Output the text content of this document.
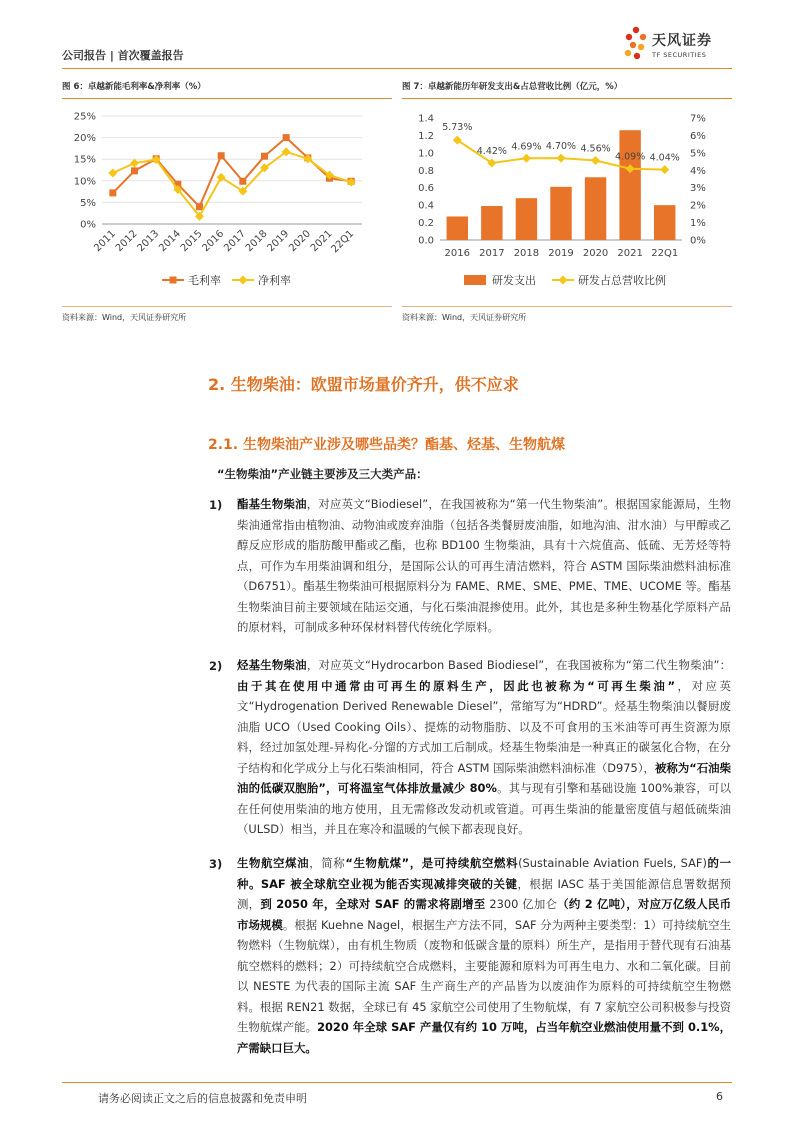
公司报告 | 首次覆盖报告
天风证券
TF SECURITIES
图 6：卓越新能毛利率&净利率（%）
0%
5%
10%
15%
20%
25%
2011
2012
2013
2014
2015
2016
2017
2018
2019
2020
2021
22Q1
毛利率	净利率
资料来源：Wind，天风证券研究所
图 7：卓越新能历年研发支出&占总营收比例（亿元，%）
0.0
0.2
0.4
0.6
0.8
1.0
1.2
1.4
0%
1%
2%
3%
4%
5%
6%
7%
2016 2017 2018 2019 2020 2021 22Q1
5.73%
4.42% 4.69% 4.70% 4.56%
4.09% 4.04%
研发支出	研发占总营收比例
资料来源：Wind，天风证券研究所
2. 生物柴油：欧盟市场量价齐升，供不应求
2.1. 生物柴油产业涉及哪些品类？酯基、烃基、生物航煤
“生物柴油”产业链主要涉及三大类产品：
1) 酯基生物柴油，对应英文“Biodiesel”，在我国被称为“第一代生物柴油”。根据国家能源局，生物柴油通常指由植物油、动物油或废弃油脂（包括各类餐厨废油脂，如地沟油、泔水油）与甲醇或乙醇反应形成的脂肪酸甲酯或乙酯，也称 BD100 生物柴油，具有十六烷值高、低硫、无芳烃等特点，可作为车用柴油调和组分，是国际公认的可再生清洁燃料，符合 ASTM 国际柴油燃料油标准（D6751）。酯基生物柴油可根据原料分为 FAME、RME、SME、PME、TME、UCOME 等。酯基生物柴油目前主要领域在陆运交通，与化石柴油混掺使用。此外，其也是多种生物基化学原料产品的原材料，可制成多种环保材料替代传统化学原料。
2) 烃基生物柴油，对应英文“Hydrocarbon Based Biodiesel”，在我国被称为“第二代生物柴油”：由于其在使用中通常由可再生的原料生产，因此也被称为“可再生柴油”，对应英文“Hydrogenation Derived Renewable Diesel”，常缩写为“HDRD”。烃基生物柴油以餐厨废油脂 UCO（Used Cooking Oils）、提炼的动物脂肪、以及不可食用的玉米油等可再生资源为原料，经过加氢处理-异构化-分馏的方式加工后制成。烃基生物柴油是一种真正的碳氢化合物，在分子结构和化学成分上与化石柴油相同，符合 ASTM 国际柴油燃料油标准（D975），被称为“石油柴油的低碳双胞胎”，可将温室气体排放量减少 80%。其与现有引擎和基础设施 100%兼容，可以在任何使用柴油的地方使用，且无需修改发动机或管道。可再生柴油的能量密度值与超低硫柴油（ULSD）相当，并且在寒冷和温暖的气候下都表现良好。
3) 生物航空煤油，简称“生物航煤”，是可持续航空燃料(Sustainable Aviation Fuels, SAF)的一种。SAF 被全球航空业视为能否实现减排突破的关键，根据 IASC 基于美国能源信息署数据预测，到 2050 年，全球对 SAF 的需求将剧增至 2300 亿加仑（约 2 亿吨），对应万亿级人民币市场规模。根据 Kuehne Nagel，根据生产方法不同，SAF 分为两种主要类型：1）可持续航空生物燃料（生物航煤），由有机生物质（废物和低碳含量的原料）所生产，是指用于替代现有石油基航空燃料的燃料；2）可持续航空合成燃料，主要能源和原料为可再生电力、水和二氧化碳。目前以 NESTE 为代表的国际主流 SAF 生产商生产的产品皆为以废油作为原料的可持续航空生物燃料。根据 REN21 数据，全球已有 45 家航空公司使用了生物航煤，有 7 家航空公司积极参与投资生物航煤产能。2020 年全球 SAF 产量仅有约 10 万吨，占当年航空业燃油使用量不到 0.1%，产需缺口巨大。
请务必阅读正文之后的信息披露和免责申明	6
